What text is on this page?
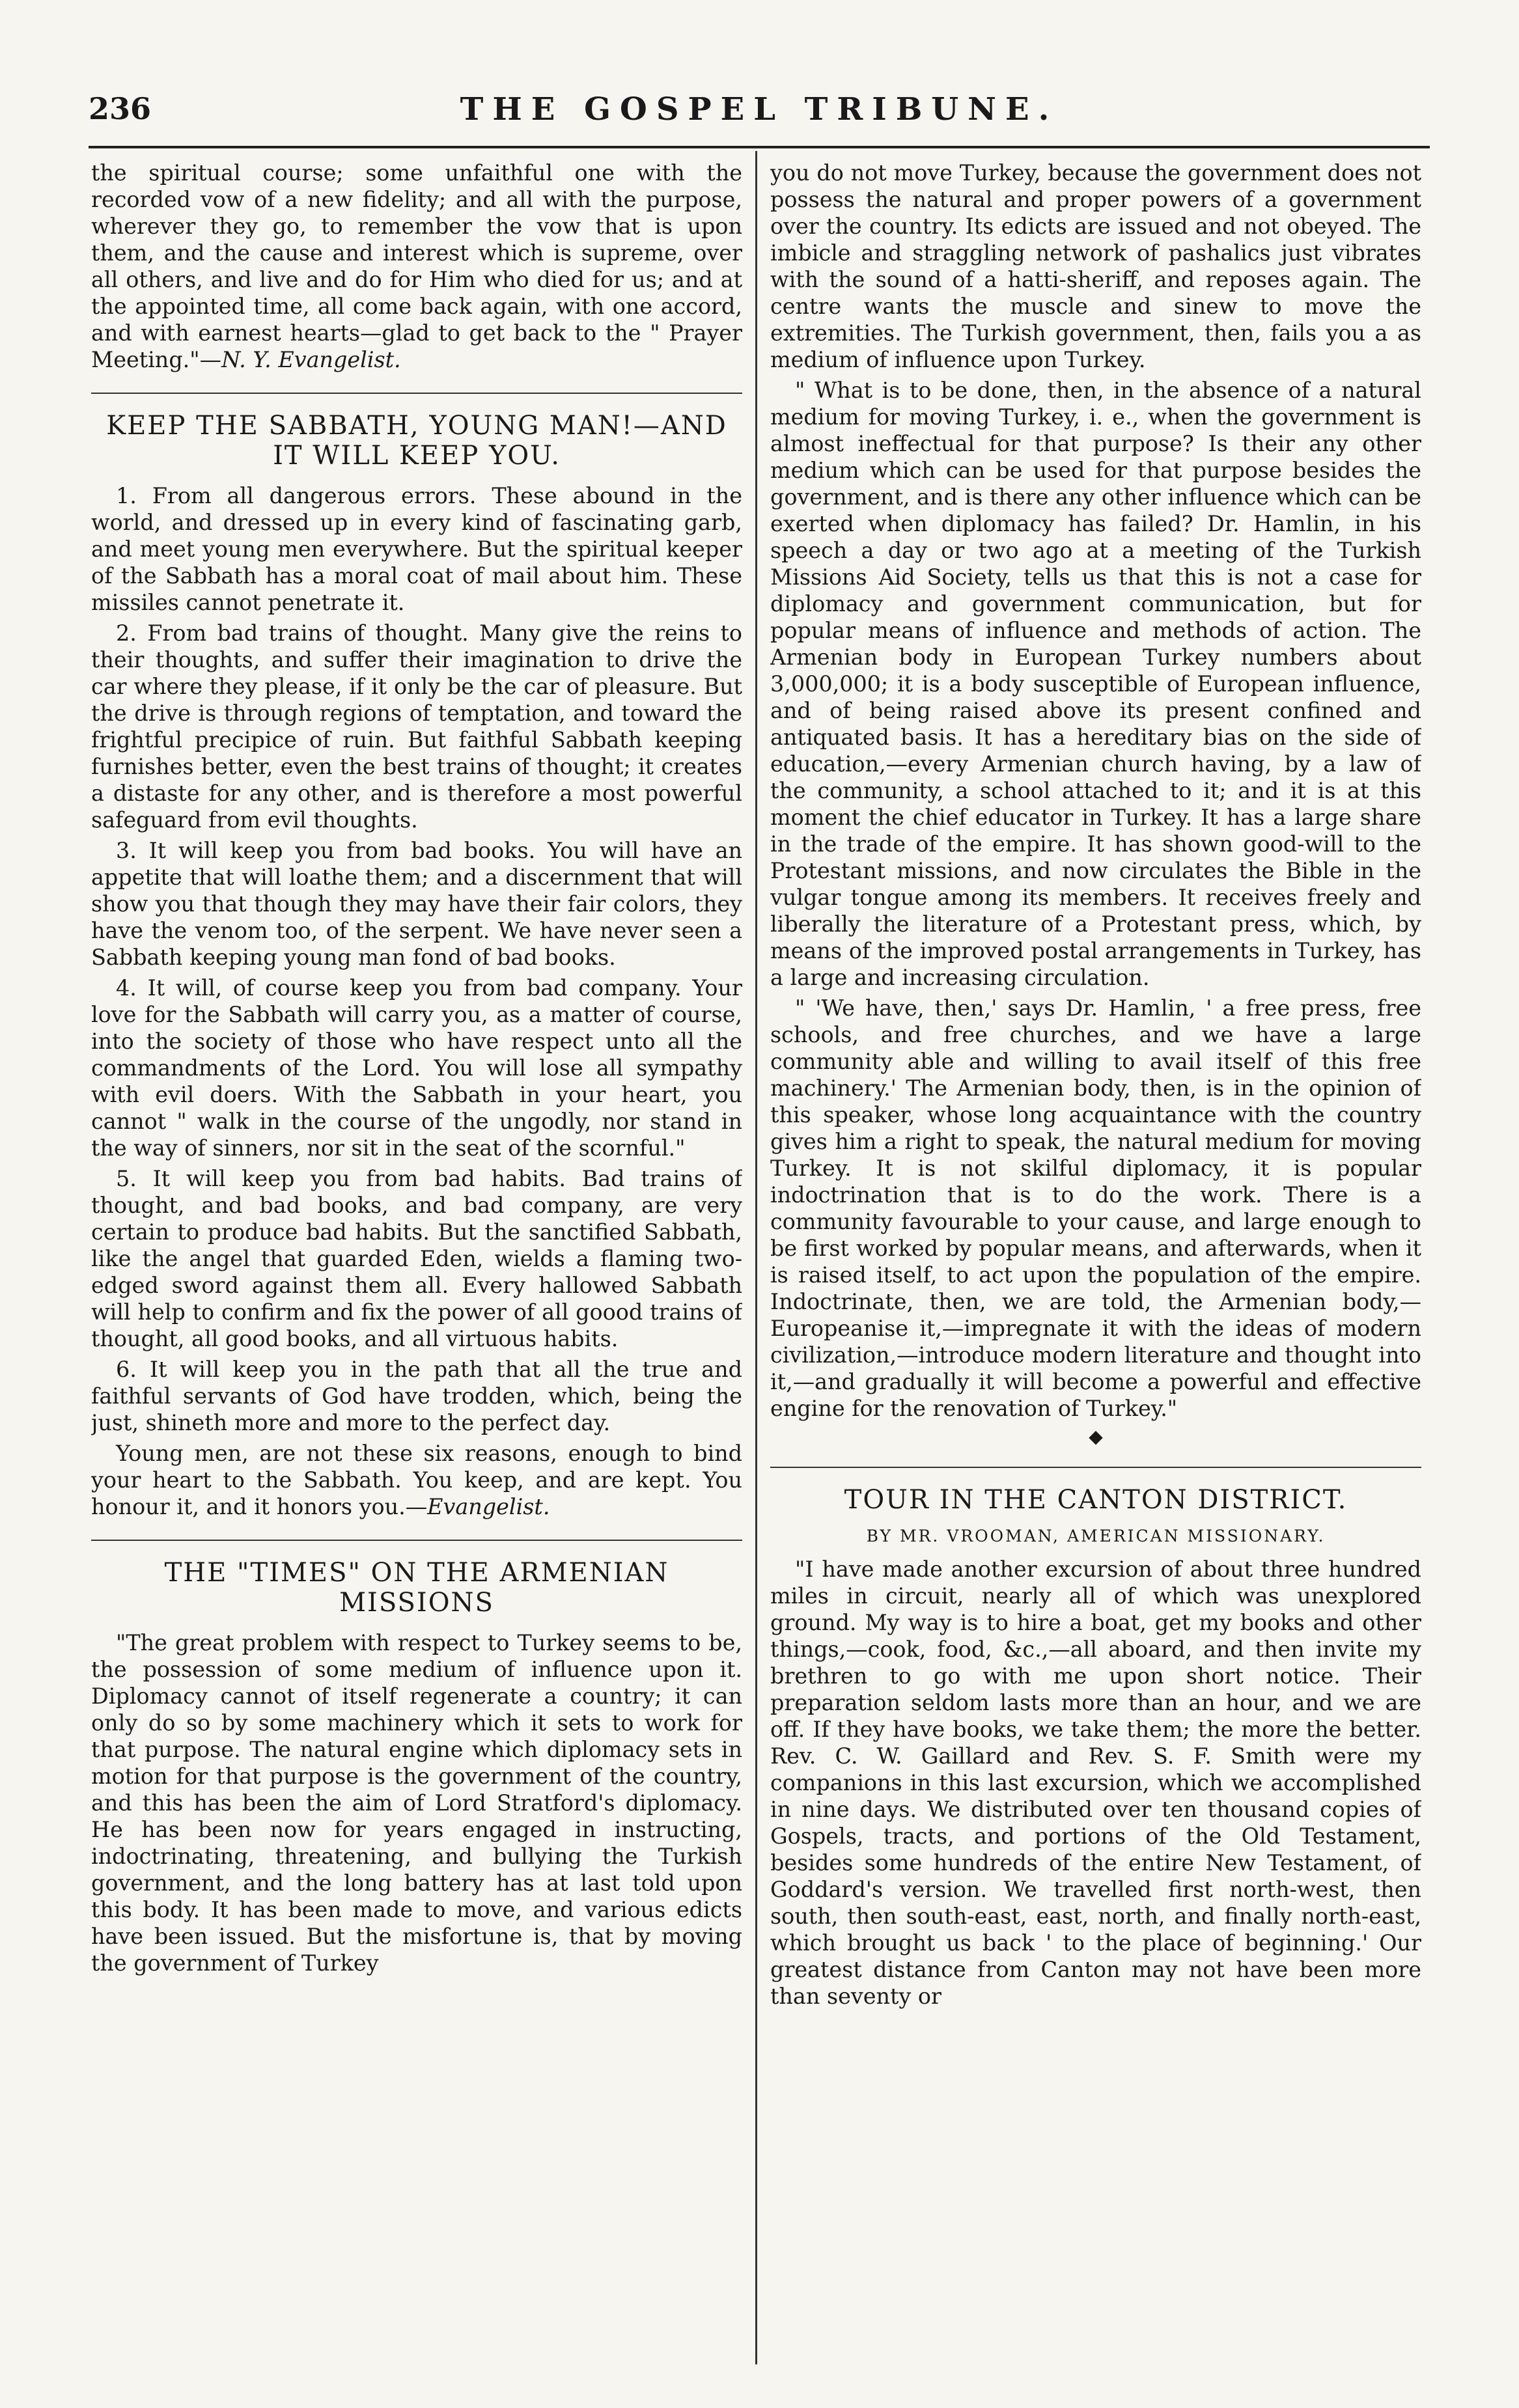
236	THE GOSPEL TRIBUNE.

the spiritual course; some unfaithful one with the recorded vow of a new fidelity; and all with the purpose, wherever they go, to remember the vow that is upon them, and the cause and interest which is supreme, over all others, and live and do for Him who died for us; and at the appointed time, all come back again, with one accord, and with earnest hearts—glad to get back to the " Prayer Meeting."—N. Y. Evangelist.

KEEP THE SABBATH, YOUNG MAN!—AND IT WILL KEEP YOU.

1. From all dangerous errors. These abound in the world, and dressed up in every kind of fascinating garb, and meet young men everywhere. But the spiritual keeper of the Sabbath has a moral coat of mail about him. These missiles cannot penetrate it.

2. From bad trains of thought. Many give the reins to their thoughts, and suffer their imagination to drive the car where they please, if it only be the car of pleasure. But the drive is through regions of temptation, and toward the frightful precipice of ruin. But faithful Sabbath keeping furnishes better, even the best trains of thought; it creates a distaste for any other, and is therefore a most powerful safeguard from evil thoughts.

3. It will keep you from bad books. You will have an appetite that will loathe them; and a discernment that will show you that though they may have their fair colors, they have the venom too, of the serpent. We have never seen a Sabbath keeping young man fond of bad books.

4. It will, of course keep you from bad company. Your love for the Sabbath will carry you, as a matter of course, into the society of those who have respect unto all the commandments of the Lord. You will lose all sympathy with evil doers. With the Sabbath in your heart, you cannot " walk in the course of the ungodly, nor stand in the way of sinners, nor sit in the seat of the scornful."

5. It will keep you from bad habits. Bad trains of thought, and bad books, and bad company, are very certain to produce bad habits. But the sanctified Sabbath, like the angel that guarded Eden, wields a flaming two-edged sword against them all. Every hallowed Sabbath will help to confirm and fix the power of all goood trains of thought, all good books, and all virtuous habits.

6. It will keep you in the path that all the true and faithful servants of God have trodden, which, being the just, shineth more and more to the perfect day.

Young men, are not these six reasons, enough to bind your heart to the Sabbath. You keep, and are kept. You honour it, and it honors you.—Evangelist.

THE "TIMES" ON THE ARMENIAN MISSIONS

"The great problem with respect to Turkey seems to be, the possession of some medium of influence upon it. Diplomacy cannot of itself regenerate a country; it can only do so by some machinery which it sets to work for that purpose. The natural engine which diplomacy sets in motion for that purpose is the government of the country, and this has been the aim of Lord Stratford's diplomacy. He has been now for years engaged in instructing, indoctrinating, threatening, and bullying the Turkish government, and the long battery has at last told upon this body. It has been made to move, and various edicts have been issued. But the misfortune is, that by moving the government of Turkey

you do not move Turkey, because the government does not possess the natural and proper powers of a government over the country. Its edicts are issued and not obeyed. The imbicle and straggling network of pashalics just vibrates with the sound of a hatti-sheriff, and reposes again. The centre wants the muscle and sinew to move the extremities. The Turkish government, then, fails you a as medium of influence upon Turkey.

" What is to be done, then, in the absence of a natural medium for moving Turkey, i. e., when the government is almost ineffectual for that purpose? Is their any other medium which can be used for that purpose besides the government, and is there any other influence which can be exerted when diplomacy has failed? Dr. Hamlin, in his speech a day or two ago at a meeting of the Turkish Missions Aid Society, tells us that this is not a case for diplomacy and government communication, but for popular means of influence and methods of action. The Armenian body in European Turkey numbers about 3,000,000; it is a body susceptible of European influence, and of being raised above its present confined and antiquated basis. It has a hereditary bias on the side of education,—every Armenian church having, by a law of the community, a school attached to it; and it is at this moment the chief educator in Turkey. It has a large share in the trade of the empire. It has shown good-will to the Protestant missions, and now circulates the Bible in the vulgar tongue among its members. It receives freely and liberally the literature of a Protestant press, which, by means of the improved postal arrangements in Turkey, has a large and increasing circulation.

" 'We have, then,' says Dr. Hamlin, ' a free press, free schools, and free churches, and we have a large community able and willing to avail itself of this free machinery.' The Armenian body, then, is in the opinion of this speaker, whose long acquaintance with the country gives him a right to speak, the natural medium for moving Turkey. It is not skilful diplomacy, it is popular indoctrination that is to do the work. There is a community favourable to your cause, and large enough to be first worked by popular means, and afterwards, when it is raised itself, to act upon the population of the empire. Indoctrinate, then, we are told, the Armenian body,—Europeanise it,—impregnate it with the ideas of modern civilization,—introduce modern literature and thought into it,—and gradually it will become a powerful and effective engine for the renovation of Turkey."

◆
TOUR IN THE CANTON DISTRICT.
BY MR. VROOMAN, AMERICAN MISSIONARY.

"I have made another excursion of about three hundred miles in circuit, nearly all of which was unexplored ground. My way is to hire a boat, get my books and other things,—cook, food, &c.,—all aboard, and then invite my brethren to go with me upon short notice. Their preparation seldom lasts more than an hour, and we are off. If they have books, we take them; the more the better. Rev. C. W. Gaillard and Rev. S. F. Smith were my companions in this last excursion, which we accomplished in nine days. We distributed over ten thousand copies of Gospels, tracts, and portions of the Old Testament, besides some hundreds of the entire New Testament, of Goddard's version. We travelled first north-west, then south, then south-east, east, north, and finally north-east, which brought us back ' to the place of beginning.' Our greatest distance from Canton may not have been more than seventy or
